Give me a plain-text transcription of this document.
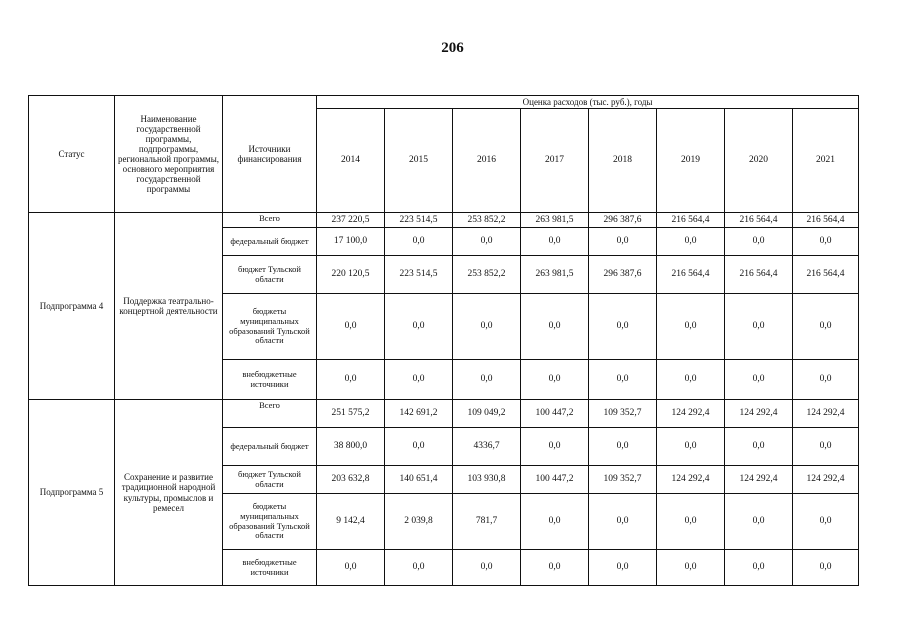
206
Статус	Наименование государственной программы, подпрограммы, региональной программы, основного мероприятия государственной программы	Источники финансирования	Оценка расходов (тыс. руб.), годы							
			2014	2015	2016	2017	2018	2019	2020	2021
Подпрограмма 4	Поддержка театрально-концертной деятельности	Всего	237 220,5	223 514,5	253 852,2	263 981,5	296 387,6	216 564,4	216 564,4	216 564,4
		федеральный бюджет	17 100,0	0,0	0,0	0,0	0,0	0,0	0,0	0,0
		бюджет Тульской области	220 120,5	223 514,5	253 852,2	263 981,5	296 387,6	216 564,4	216 564,4	216 564,4
		бюджеты муниципальных образований Тульской области	0,0	0,0	0,0	0,0	0,0	0,0	0,0	0,0
		внебюджетные источники	0,0	0,0	0,0	0,0	0,0	0,0	0,0	0,0
Подпрограмма 5	Сохранение и развитие традиционной народной культуры, промыслов и ремесел	Всего	251 575,2	142 691,2	109 049,2	100 447,2	109 352,7	124 292,4	124 292,4	124 292,4
		федеральный бюджет	38 800,0	0,0	4336,7	0,0	0,0	0,0	0,0	0,0
		бюджет Тульской области	203 632,8	140 651,4	103 930,8	100 447,2	109 352,7	124 292,4	124 292,4	124 292,4
		бюджеты муниципальных образований Тульской области	9 142,4	2 039,8	781,7	0,0	0,0	0,0	0,0	0,0
		внебюджетные источники	0,0	0,0	0,0	0,0	0,0	0,0	0,0	0,0
